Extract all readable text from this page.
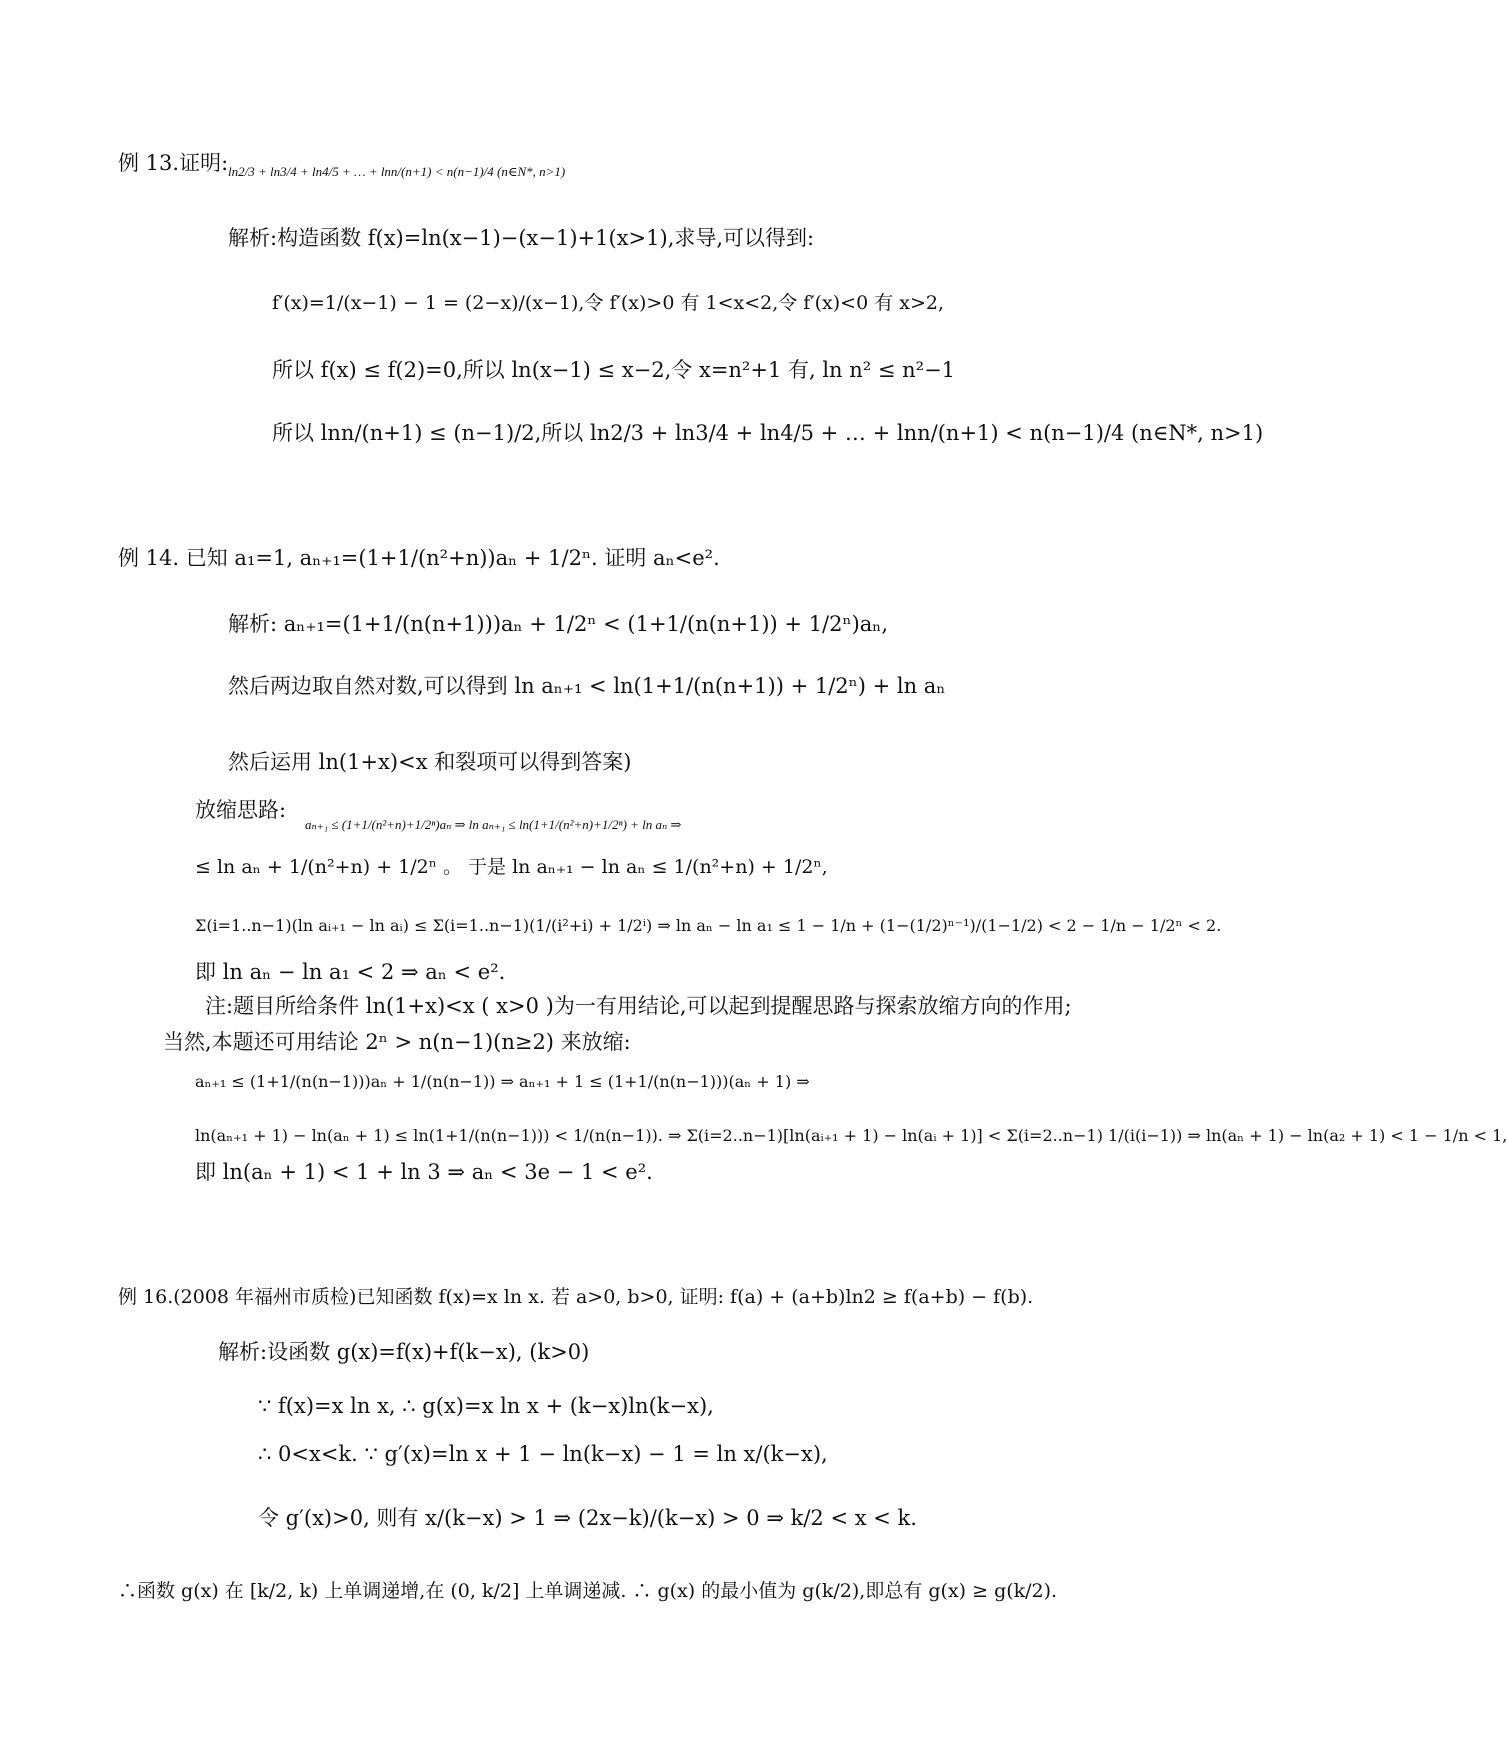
例 13.证明: ln2/3 + ln3/4 + ln4/5 + … + lnn/(n+1) < n(n−1)/4 (n∈N*, n>1)
解析:构造函数 f(x)=ln(x−1)−(x−1)+1(x>1),求导,可以得到:
f′(x)=1/(x−1) − 1 = (2−x)/(x−1),令 f′(x)>0 有 1<x<2,令 f′(x)<0 有 x>2,
所以 f(x) ≤ f(2)=0,所以 ln(x−1) ≤ x−2,令 x=n²+1 有, ln n² ≤ n²−1
所以 lnn/(n+1) ≤ (n−1)/2,所以 ln2/3 + ln3/4 + ln4/5 + … + lnn/(n+1) < n(n−1)/4 (n∈N*, n>1)
例 14. 已知 a₁=1, aₙ₊₁=(1+1/(n²+n))aₙ + 1/2ⁿ. 证明 aₙ<e².
解析: aₙ₊₁=(1+1/(n(n+1)))aₙ + 1/2ⁿ < (1+1/(n(n+1)) + 1/2ⁿ)aₙ,
然后两边取自然对数,可以得到 ln aₙ₊₁ < ln(1+1/(n(n+1)) + 1/2ⁿ) + ln aₙ
然后运用 ln(1+x)<x 和裂项可以得到答案)
放缩思路:
aₙ₊₁ ≤ (1+1/(n²+n)+1/2ⁿ)aₙ ⇒ ln aₙ₊₁ ≤ ln(1+1/(n²+n)+1/2ⁿ) + ln aₙ ⇒
≤ ln aₙ + 1/(n²+n) + 1/2ⁿ 。 于是 ln aₙ₊₁ − ln aₙ ≤ 1/(n²+n) + 1/2ⁿ,
Σ(i=1..n−1)(ln aᵢ₊₁ − ln aᵢ) ≤ Σ(i=1..n−1)(1/(i²+i) + 1/2ⁱ) ⇒ ln aₙ − ln a₁ ≤ 1 − 1/n + (1−(1/2)ⁿ⁻¹)/(1−1/2) < 2 − 1/n − 1/2ⁿ < 2.
即 ln aₙ − ln a₁ < 2 ⇒ aₙ < e².
注:题目所给条件 ln(1+x)<x ( x>0 )为一有用结论,可以起到提醒思路与探索放缩方向的作用;
当然,本题还可用结论 2ⁿ > n(n−1)(n≥2) 来放缩:
aₙ₊₁ ≤ (1+1/(n(n−1)))aₙ + 1/(n(n−1)) ⇒ aₙ₊₁ + 1 ≤ (1+1/(n(n−1)))(aₙ + 1) ⇒
ln(aₙ₊₁ + 1) − ln(aₙ + 1) ≤ ln(1+1/(n(n−1))) < 1/(n(n−1)). ⇒ Σ(i=2..n−1)[ln(aᵢ₊₁ + 1) − ln(aᵢ + 1)] < Σ(i=2..n−1) 1/(i(i−1)) ⇒ ln(aₙ + 1) − ln(a₂ + 1) < 1 − 1/n < 1,
即 ln(aₙ + 1) < 1 + ln 3 ⇒ aₙ < 3e − 1 < e².
例 16.(2008 年福州市质检)已知函数 f(x)=x ln x. 若 a>0, b>0, 证明: f(a) + (a+b)ln2 ≥ f(a+b) − f(b).
解析:设函数 g(x)=f(x)+f(k−x), (k>0)
∵ f(x)=x ln x, ∴ g(x)=x ln x + (k−x)ln(k−x),
∴ 0<x<k. ∵ g′(x)=ln x + 1 − ln(k−x) − 1 = ln x/(k−x),
令 g′(x)>0, 则有 x/(k−x) > 1 ⇒ (2x−k)/(k−x) > 0 ⇒ k/2 < x < k.
∴函数 g(x) 在 [k/2, k) 上单调递增,在 (0, k/2] 上单调递减. ∴ g(x) 的最小值为 g(k/2),即总有 g(x) ≥ g(k/2).
